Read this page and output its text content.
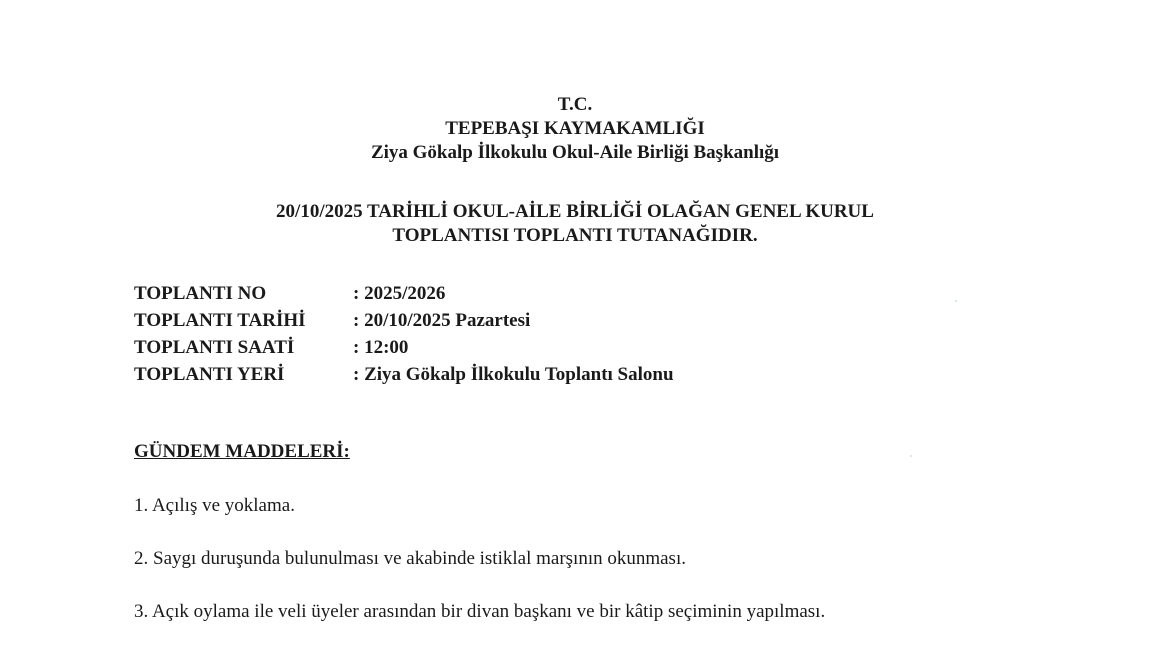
T.C.
TEPEBAŞI KAYMAKAMLIĞI
Ziya Gökalp İlkokulu Okul-Aile Birliği Başkanlığı
20/10/2025 TARİHLİ OKUL-AİLE BİRLİĞİ OLAĞAN GENEL KURUL
TOPLANTISI TOPLANTI TUTANAĞIDIR.
TOPLANTI NO	: 2025/2026
TOPLANTI TARİHİ	: 20/10/2025 Pazartesi
TOPLANTI SAATİ	: 12:00
TOPLANTI YERİ	: Ziya Gökalp İlkokulu Toplantı Salonu
GÜNDEM MADDELERİ:
1. Açılış ve yoklama.
2. Saygı duruşunda bulunulması ve akabinde istiklal marşının okunması.
3. Açık oylama ile veli üyeler arasından bir divan başkanı ve bir kâtip seçiminin yapılması.
